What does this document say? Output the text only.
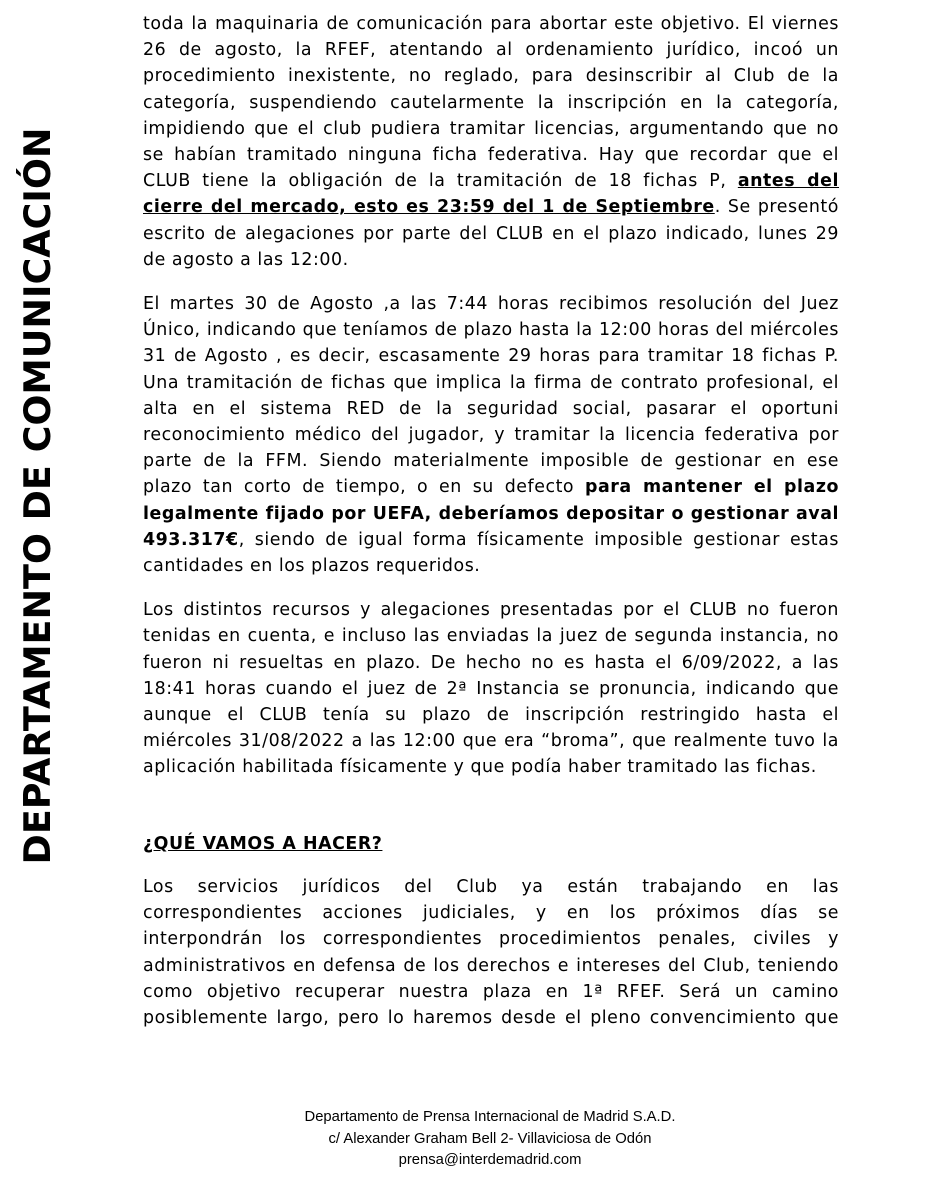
DEPARTAMENTO DE COMUNICACIÓN

toda la maquinaria de comunicación para abortar este objetivo. El viernes 26 de agosto, la RFEF, atentando al ordenamiento jurídico, incoó un procedimiento inexistente, no reglado, para desinscribir al Club de la categoría, suspendiendo cautelarmente la inscripción en la categoría, impidiendo que el club pudiera tramitar licencias, argumentando que no se habían tramitado ninguna ficha federativa. Hay que recordar que el CLUB tiene la obligación de la tramitación de 18 fichas P, antes del cierre del mercado, esto es 23:59 del 1 de Septiembre. Se presentó escrito de alegaciones por parte del CLUB en el plazo indicado, lunes 29 de agosto a las 12:00.

El martes 30 de Agosto ,a las 7:44 horas recibimos resolución del Juez Único, indicando que teníamos de plazo hasta la 12:00 horas del miércoles 31 de Agosto , es decir, escasamente 29 horas para tramitar 18 fichas P. Una tramitación de fichas que implica la firma de contrato profesional, el alta en el sistema RED de la seguridad social, pasarar el oportuni reconocimiento médico del jugador, y tramitar la licencia federativa por parte de la FFM. Siendo materialmente imposible de gestionar en ese plazo tan corto de tiempo, o en su defecto para mantener el plazo legalmente fijado por UEFA, deberíamos depositar o gestionar aval 493.317€, siendo de igual forma físicamente imposible gestionar estas cantidades en los plazos requeridos.

Los distintos recursos y alegaciones presentadas por el CLUB no fueron tenidas en cuenta, e incluso las enviadas la juez de segunda instancia, no fueron ni resueltas en plazo. De hecho no es hasta el 6/09/2022, a las 18:41 horas cuando el juez de 2ª Instancia se pronuncia, indicando que aunque el CLUB tenía su plazo de inscripción restringido hasta el miércoles 31/08/2022 a las 12:00 que era “broma”, que realmente tuvo la aplicación habilitada físicamente y que podía haber tramitado las fichas.

¿QUÉ VAMOS A HACER?

Los servicios jurídicos del Club ya están trabajando en las correspondientes acciones judiciales, y en los próximos días se interpondrán los correspondientes procedimientos penales, civiles y administrativos en defensa de los derechos e intereses del Club, teniendo como objetivo recuperar nuestra plaza en 1ª RFEF. Será un camino posiblemente largo, pero lo haremos desde el pleno convencimiento que

Departamento de Prensa Internacional de Madrid S.A.D.
c/ Alexander Graham Bell 2- Villaviciosa de Odón
prensa@interdemadrid.com
